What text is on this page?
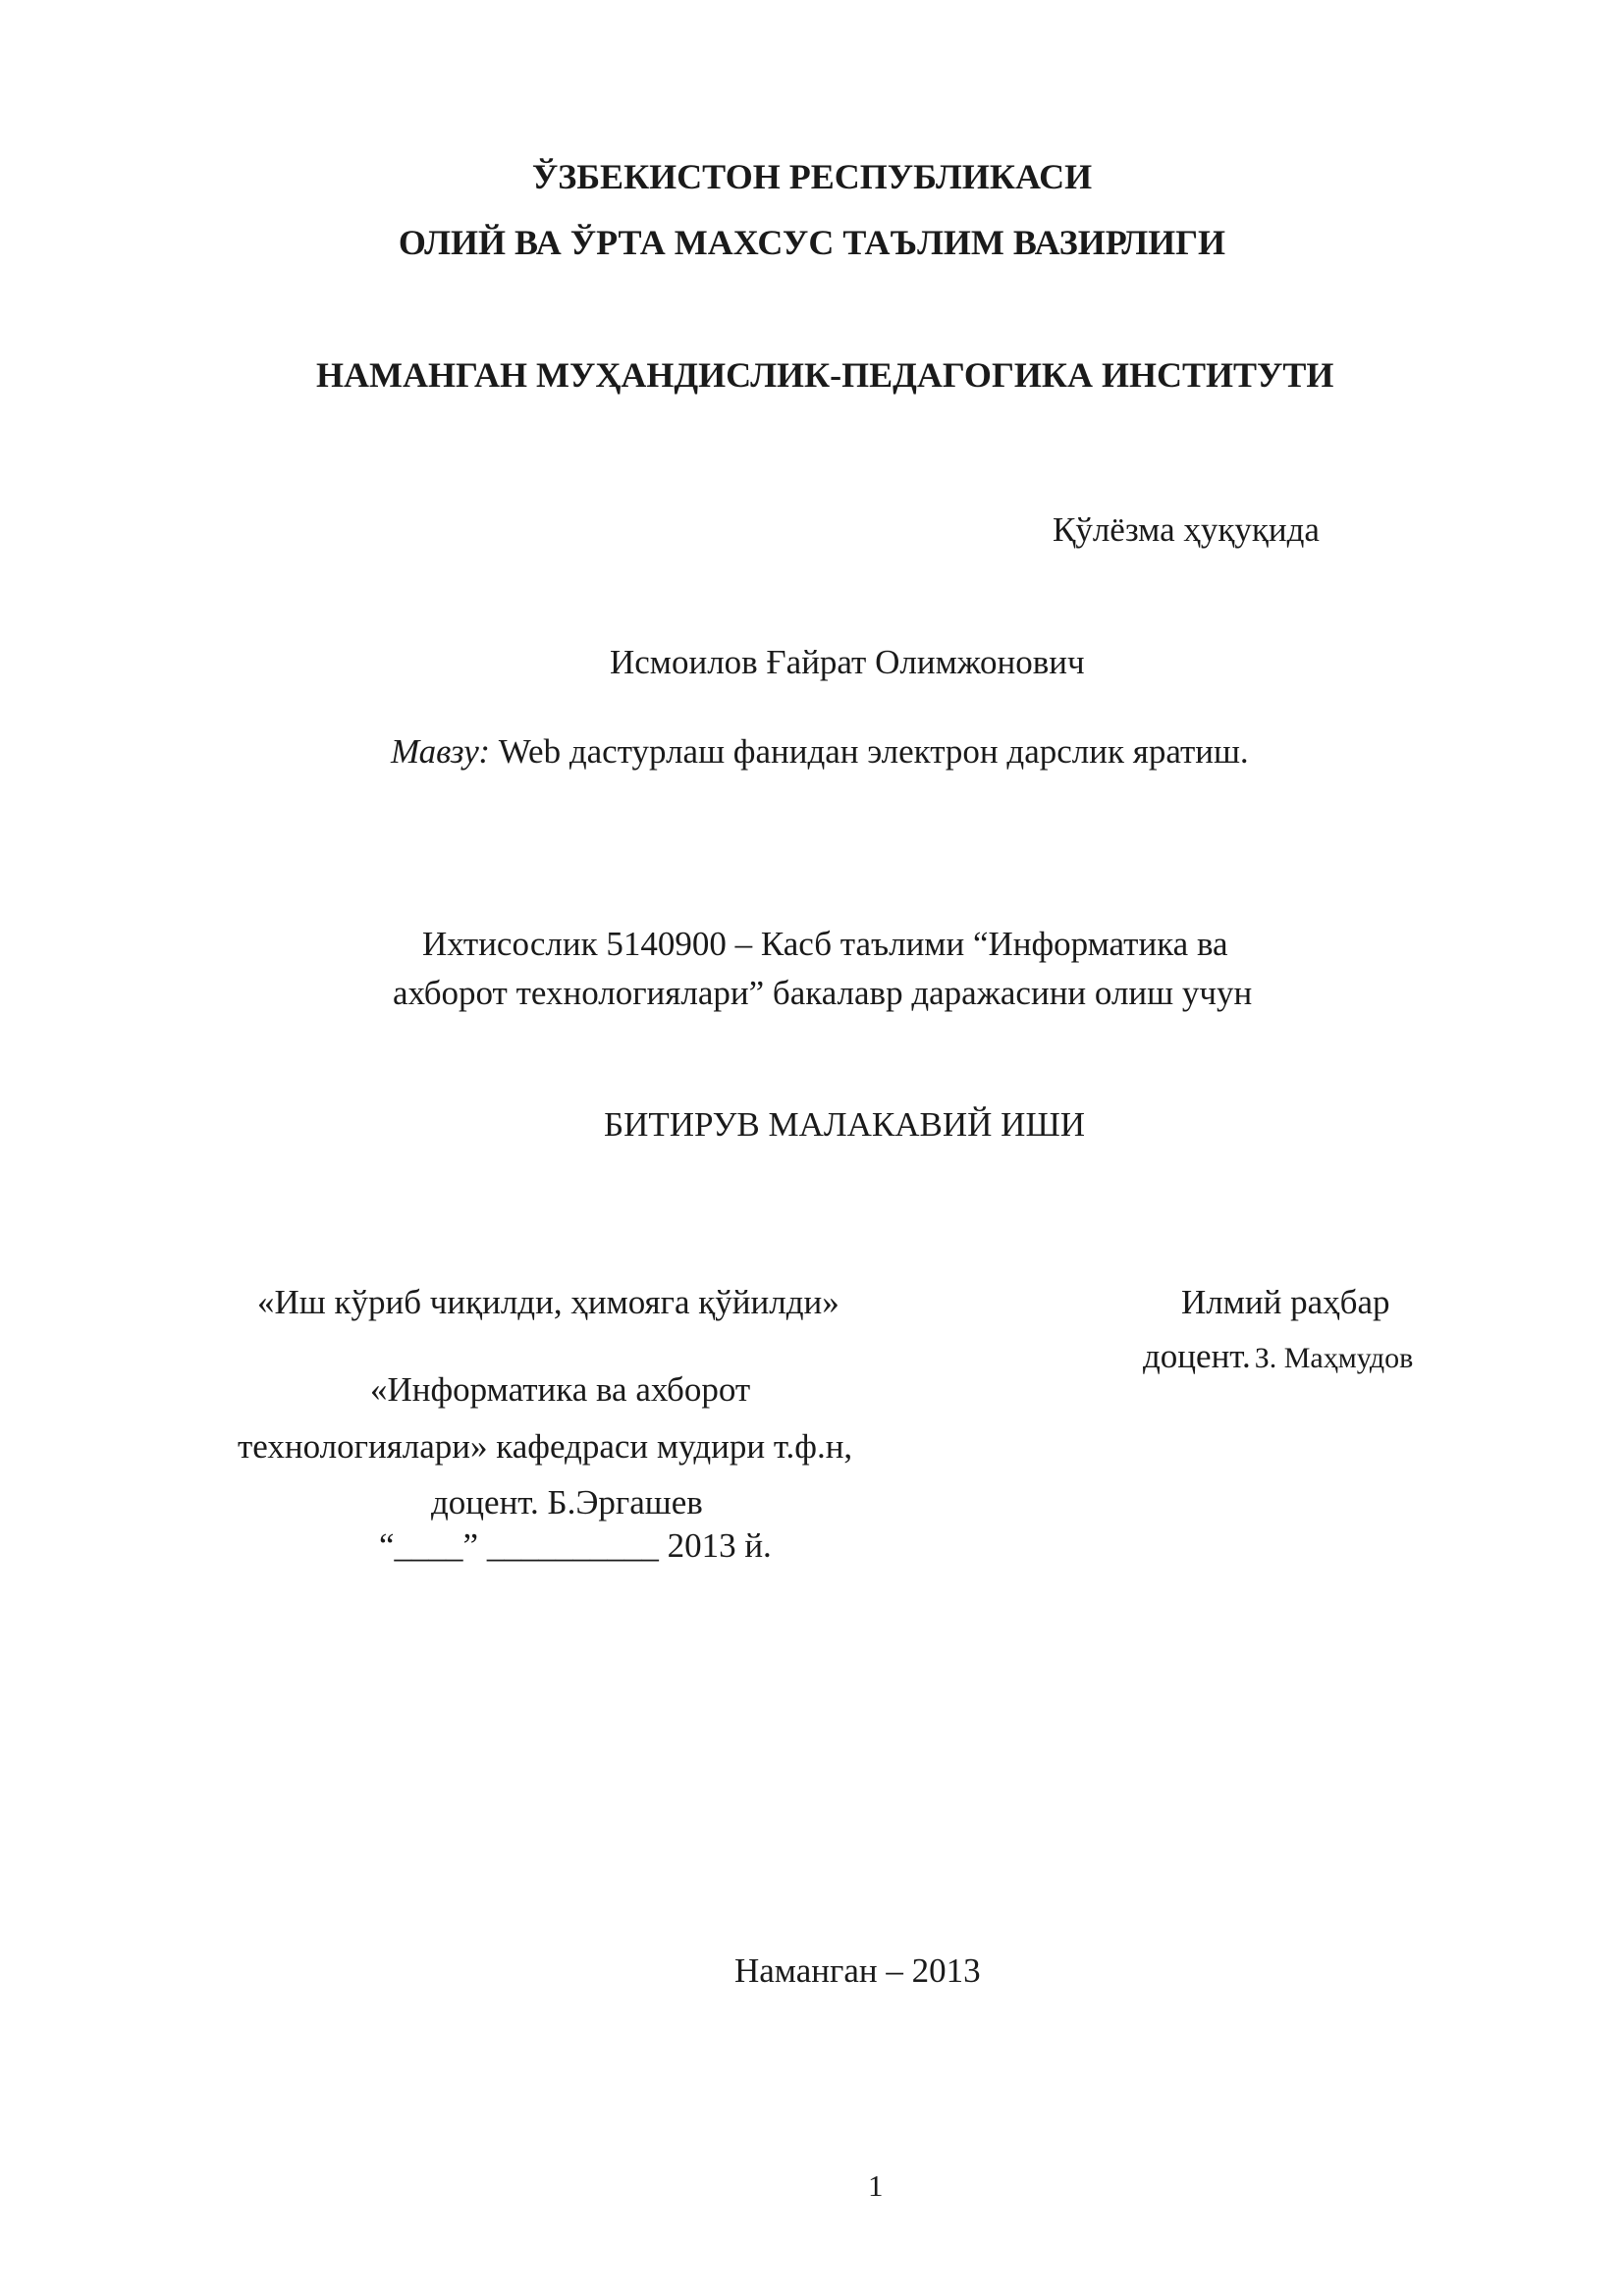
ЎЗБЕКИСТОН РЕСПУБЛИКАСИ
ОЛИЙ ВА ЎРТА МАХСУС ТАЪЛИМ ВАЗИРЛИГИ
НАМАНГАН МУҲАНДИСЛИК-ПЕДАГОГИКА ИНСТИТУТИ
Қўлёзма ҳуқуқида
Исмоилов Ғайрат Олимжонович
Мавзу: Web дастурлаш фанидан электрон дарслик яратиш.
Ихтисослик 5140900 – Касб таълими “Информатика ва
ахборот технологиялари” бакалавр даражасини олиш учун
БИТИРУВ МАЛАКАВИЙ ИШИ
«Иш кўриб чиқилди, ҳимояга қўйилди»
«Информатика ва ахборот
технологиялари» кафедраси мудири т.ф.н,
доцент. Б.Эргашев
“____” __________ 2013 й.
Илмий раҳбар
доцент. З. Маҳмудов
Наманган – 2013
1
